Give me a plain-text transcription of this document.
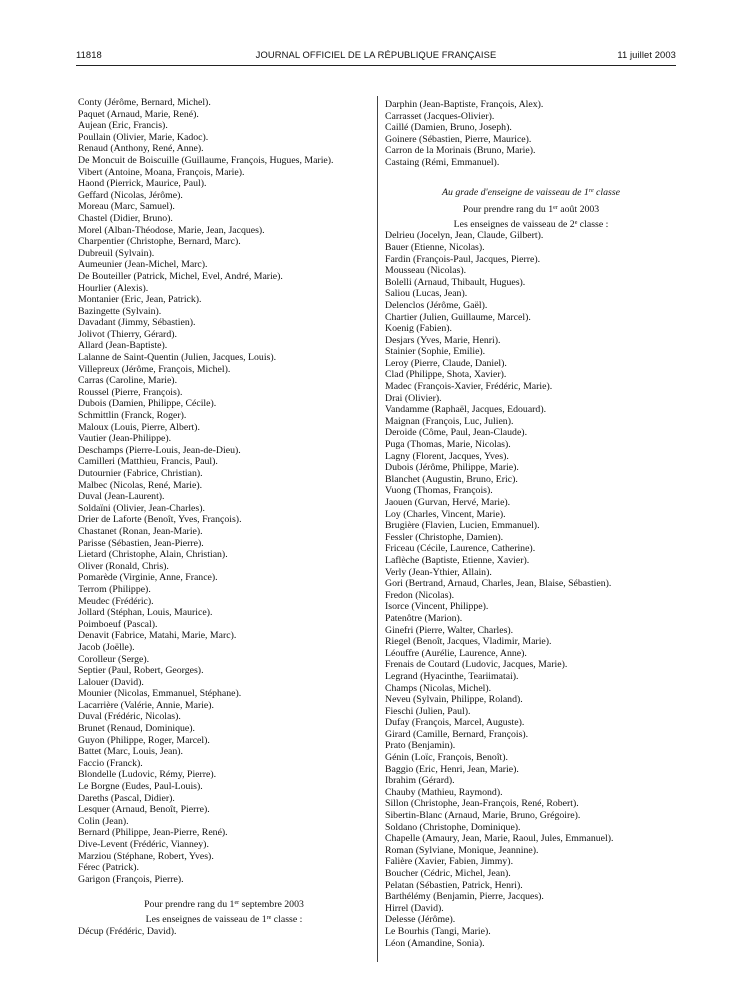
11818	JOURNAL OFFICIEL DE LA RÉPUBLIQUE FRANÇAISE	11 juillet 2003
Conty (Jérôme, Bernard, Michel).
Paquet (Arnaud, Marie, René).
Aujean (Eric, Francis).
Poullain (Olivier, Marie, Kadoc).
Renaud (Anthony, René, Anne).
De Moncuit de Boiscuille (Guillaume, François, Hugues, Marie).
Vibert (Antoine, Moana, François, Marie).
Haond (Pierrick, Maurice, Paul).
Geffard (Nicolas, Jérôme).
Moreau (Marc, Samuel).
Chastel (Didier, Bruno).
Morel (Alban-Théodose, Marie, Jean, Jacques).
Charpentier (Christophe, Bernard, Marc).
Dubreuil (Sylvain).
Aumeunier (Jean-Michel, Marc).
De Bouteiller (Patrick, Michel, Evel, André, Marie).
Hourlier (Alexis).
Montanier (Eric, Jean, Patrick).
Bazingette (Sylvain).
Davadant (Jimmy, Sébastien).
Jolivot (Thierry, Gérard).
Allard (Jean-Baptiste).
Lalanne de Saint-Quentin (Julien, Jacques, Louis).
Villepreux (Jérôme, François, Michel).
Carras (Caroline, Marie).
Roussel (Pierre, François).
Dubois (Damien, Philippe, Cécile).
Schmittlin (Franck, Roger).
Maloux (Louis, Pierre, Albert).
Vautier (Jean-Philippe).
Deschamps (Pierre-Louis, Jean-de-Dieu).
Camilleri (Matthieu, Francis, Paul).
Dutournier (Fabrice, Christian).
Malbec (Nicolas, René, Marie).
Duval (Jean-Laurent).
Soldaïni (Olivier, Jean-Charles).
Drier de Laforte (Benoît, Yves, François).
Chastanet (Ronan, Jean-Marie).
Parisse (Sébastien, Jean-Pierre).
Lietard (Christophe, Alain, Christian).
Oliver (Ronald, Chris).
Pomarède (Virginie, Anne, France).
Terrom (Philippe).
Meudec (Frédéric).
Jollard (Stéphan, Louis, Maurice).
Poimboeuf (Pascal).
Denavit (Fabrice, Matahi, Marie, Marc).
Jacob (Joëlle).
Corolleur (Serge).
Septier (Paul, Robert, Georges).
Lalouer (David).
Mounier (Nicolas, Emmanuel, Stéphane).
Lacarrière (Valérie, Annie, Marie).
Duval (Frédéric, Nicolas).
Brunet (Renaud, Dominique).
Guyon (Philippe, Roger, Marcel).
Battet (Marc, Louis, Jean).
Faccio (Franck).
Blondelle (Ludovic, Rémy, Pierre).
Le Borgne (Eudes, Paul-Louis).
Dareths (Pascal, Didier).
Lesquer (Arnaud, Benoît, Pierre).
Colin (Jean).
Bernard (Philippe, Jean-Pierre, René).
Dive-Levent (Frédéric, Vianney).
Marziou (Stéphane, Robert, Yves).
Férec (Patrick).
Garigon (François, Pierre).
Pour prendre rang du 1er septembre 2003
Les enseignes de vaisseau de 1re classe :
Décup (Frédéric, David).
Darphin (Jean-Baptiste, François, Alex).
Carrasset (Jacques-Olivier).
Caillé (Damien, Bruno, Joseph).
Goinere (Sébastien, Pierre, Maurice).
Carron de la Morinais (Bruno, Marie).
Castaing (Rémi, Emmanuel).
Au grade d'enseigne de vaisseau de 1re classe
Pour prendre rang du 1er août 2003
Les enseignes de vaisseau de 2e classe :
Delrieu (Jocelyn, Jean, Claude, Gilbert).
Bauer (Etienne, Nicolas).
Fardin (François-Paul, Jacques, Pierre).
Mousseau (Nicolas).
Bolelli (Arnaud, Thibault, Hugues).
Saliou (Lucas, Jean).
Delenclos (Jérôme, Gaël).
Chartier (Julien, Guillaume, Marcel).
Koenig (Fabien).
Desjars (Yves, Marie, Henri).
Stainier (Sophie, Emilie).
Leroy (Pierre, Claude, Daniel).
Clad (Philippe, Shota, Xavier).
Madec (François-Xavier, Frédéric, Marie).
Drai (Olivier).
Vandamme (Raphaël, Jacques, Edouard).
Maignan (François, Luc, Julien).
Deroide (Côme, Paul, Jean-Claude).
Puga (Thomas, Marie, Nicolas).
Lagny (Florent, Jacques, Yves).
Dubois (Jérôme, Philippe, Marie).
Blanchet (Augustin, Bruno, Eric).
Vuong (Thomas, François).
Jaouen (Gurvan, Hervé, Marie).
Loy (Charles, Vincent, Marie).
Brugière (Flavien, Lucien, Emmanuel).
Fessler (Christophe, Damien).
Friceau (Cécile, Laurence, Catherine).
Laflèche (Baptiste, Etienne, Xavier).
Verly (Jean-Ythier, Allain).
Gori (Bertrand, Arnaud, Charles, Jean, Blaise, Sébastien).
Fredon (Nicolas).
Isorce (Vincent, Philippe).
Patenôtre (Marion).
Ginefri (Pierre, Walter, Charles).
Riegel (Benoît, Jacques, Vladimir, Marie).
Léouffre (Aurélie, Laurence, Anne).
Frenais de Coutard (Ludovic, Jacques, Marie).
Legrand (Hyacinthe, Teariimatai).
Champs (Nicolas, Michel).
Neveu (Sylvain, Philippe, Roland).
Fieschi (Julien, Paul).
Dufay (François, Marcel, Auguste).
Girard (Camille, Bernard, François).
Prato (Benjamin).
Génin (Loïc, François, Benoît).
Baggio (Eric, Henri, Jean, Marie).
Ibrahim (Gérard).
Chauby (Mathieu, Raymond).
Sillon (Christophe, Jean-François, René, Robert).
Sibertin-Blanc (Arnaud, Marie, Bruno, Grégoire).
Soldano (Christophe, Dominique).
Chapelle (Amaury, Jean, Marie, Raoul, Jules, Emmanuel).
Roman (Sylviane, Monique, Jeannine).
Falière (Xavier, Fabien, Jimmy).
Boucher (Cédric, Michel, Jean).
Pelatan (Sébastien, Patrick, Henri).
Barthélémy (Benjamin, Pierre, Jacques).
Hirrel (David).
Delesse (Jérôme).
Le Bourhis (Tangi, Marie).
Léon (Amandine, Sonia).
